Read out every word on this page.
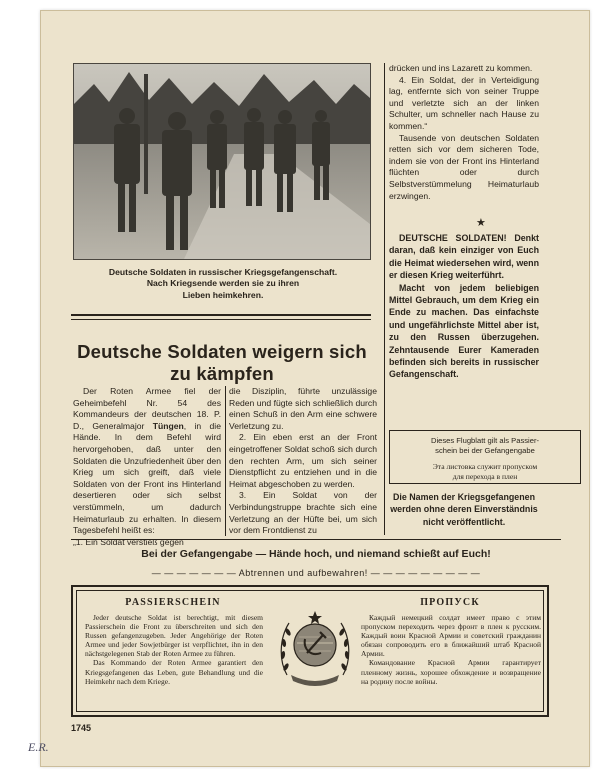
Deutsche Soldaten in russischer Kriegsgefangenschaft.
Nach Kriegsende werden sie zu ihren
Lieben heimkehren.
Deutsche Soldaten weigern sich
zu kämpfen

Der Roten Armee fiel der Geheimbefehl Nr. 54 des Kommandeurs der deutschen 18. P. D., Generalmajor Tüngen, in die Hände. In dem Befehl wird hervorgehoben, daß unter den Soldaten die Unzufriedenheit über den Krieg um sich greift, daß viele Soldaten von der Front ins Hinterland desertieren oder sich selbst verstümmeln, um dadurch Heimaturlaub zu erhalten. In diesem Tagesbefehl heißt es:

„1. Ein Soldat verstieß gegen

die Disziplin, führte unzulässige Reden und fügte sich schließlich durch einen Schuß in den Arm eine schwere Verletzung zu.

2. Ein eben erst an der Front eingetroffener Soldat schoß sich durch den rechten Arm, um sich seiner Dienstpflicht zu entziehen und in die Heimat abgeschoben zu werden.

3. Ein Soldat von der Verbindungstruppe brachte sich eine Verletzung an der Hüfte bei, um sich vor dem Frontdienst zu

drücken und ins Lazarett zu kommen.

4. Ein Soldat, der in Verteidigung lag, entfernte sich von seiner Truppe und verletzte sich an der linken Schulter, um schneller nach Hause zu kommen.“

Tausende von deutschen Soldaten retten sich vor dem sicheren Tode, indem sie von der Front ins Hinterland flüchten oder durch Selbstverstümmelung Heimaturlaub erzwingen.

★

DEUTSCHE SOLDATEN! Denkt daran, daß kein einziger von Euch die Heimat wiedersehen wird, wenn er diesen Krieg weiterführt.

Macht von jedem beliebigen Mittel Gebrauch, um dem Krieg ein Ende zu machen. Das einfachste und ungefährlichste Mittel aber ist, zu den Russen überzugehen. Zehntausende Eurer Kameraden befinden sich bereits in russischer Gefangenschaft.

Dieses Flugblatt gilt als Passier-
schein bei der Gefangengabe
Эта листовка служит пропуском
для перехода в плен
Die Namen der Kriegsgefangenen werden ohne deren Einverständnis nicht veröffentlicht.
Bei der Gefangengabe — Hände hoch, und niemand schießt auf Euch!
— — — — — — — Abtrennen und aufbewahren! — — — — — — — — —
PASSIERSCHEIN

Jeder deutsche Soldat ist berechtigt, mit diesem Passierschein die Front zu überschreiten und sich den Russen gefangenzugeben. Jeder Angehörige der Roten Armee und jeder Sowjetbürger ist verpflichtet, ihn in den nächstgelegenen Stab der Roten Armee zu führen.

Das Kommando der Roten Armee garantiert den Kriegsgefangenen das Leben, gute Behandlung und die Heimkehr nach dem Kriege.

ПРОПУСК

Каждый немецкий солдат имеет право с этим пропуском переходить через фронт в плен к русским. Каждый воин Красной Армии и советский гражданин обязан сопроводить его в ближайший штаб Красной Армии.

Командование Красной Армии гарантирует пленному жизнь, хорошее обхождение и возвращение на родину после войны.

1745
E.R.
